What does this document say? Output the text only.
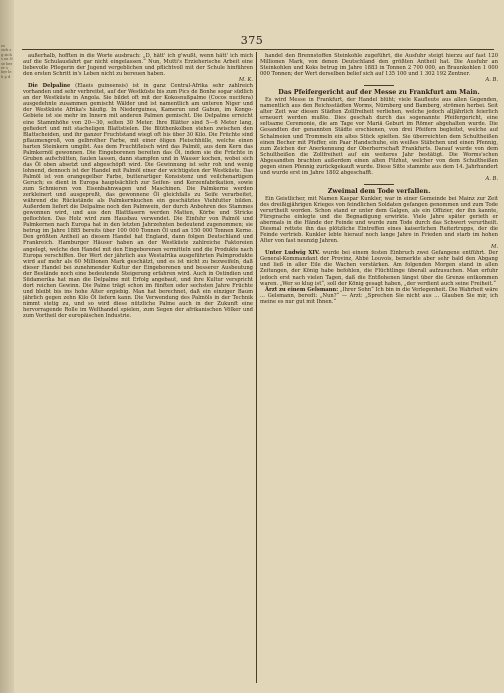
es sich s g sich s en N se ber er s ber le b p d
375

außerhalb, hofften in die Worte ausbrach: „D, hätt' ich g'wußt, wenn hätt' ich mich auf die Schulausfahrt gar nicht eingelassen.“ Nun, Mutti's Erzieherische Arbeit eine liebevolle Pflegerin der Jugend vergeblichen und pflichtvoll mit der Schule hinführen den ersten Schritt in's Leben nicht zu bereuen haben.
M. K.

Die Delpaline (Elaeis guineensis) ist in ganz Central-Afrika sehr zahlreich vorhanden und sehr verbreitet, auf der Westküste bis zum Pics de Bonhe sogar südlich an der Westküste in Angola. Sie bildet oft mit der Kokosnußpalme (Cocos nucifera) ausgedehnte zusammen gemischt Wälder und ist namentlich am unteren Niger und der Westküste Afrika's häufig. In Niederguinea, Kamerun und Gabun, im Kongo-Gebiete ist sie mehr im Innern mit anderen Palmen gemischt. Die Delpalme erreicht eine Stammhöhe von 20—30, selten 30 Meter. Ihre Blätter sind 5—6 Meter lang, gefiedert und mit stacheligen Blattstielen. Die Blüthenkolben stehen zwischen den Blattscheiden, und ihr ganzer Fruchtstand wiegt oft bis über 30 Kilo. Die Früchte sind pflaumengroß, von gelbrother Farbe, mit einer öligen Fleischhülle, welche einen harten Steinkern umgibt. Aus dem Fruchtfleisch wird das Palmöl, aus dem Kern das Palmkernöl gewonnen. Die Eingeborenen bereiten das Öl, indem sie die Früchte in Gruben aufschütten, faulen lassen, dann stampfen und in Wasser kochen, wobei sich das Öl oben absetzt und abgeschöpft wird. Die Gewinnung ist sehr roh und wenig lohnend, dennoch ist der Handel mit Palmöl einer der wichtigsten der Westküste. Das Palmöl ist von orangegelber Farbe, butterartiger Konsistenz und veilchenartigem Geruch; es dient in Europa hauptsächlich zur Seifen- und Kerzenfabrikation, sowie zum Schmieren von Eisenbahnwagen und Maschinen. Die Palmkerne werden zerkleinert und ausgepreßt, das gewonnene Öl gleichfalls zu Seife verarbeitet, während die Rückstände als Palmkernkuchen ein geschätztes Viehfutter bilden. Außerdem liefert die Delpalme noch den Palmwein, der durch Anbohren des Stammes gewonnen wird, und aus den Blattfasern werden Matten, Körbe und Stricke geflochten. Das Holz wird zum Hausbau verwendet. Die Einfuhr von Palmöl und Palmkernen nach Europa hat in den letzten Jahrzehnten bedeutend zugenommen; sie betrug im Jahre 1885 bereits über 100 000 Tonnen Öl und an 150 000 Tonnen Kerne. Den größten Antheil an diesem Handel hat England, dann folgen Deutschland und Frankreich. Hamburger Häuser haben an der Westküste zahlreiche Faktoreien angelegt, welche den Handel mit den Eingeborenen vermitteln und die Produkte nach Europa verschiffen. Der Wert der jährlich aus Westafrika ausgeführten Palmprodukte wird auf mehr als 60 Millionen Mark geschätzt, und es ist nicht zu bezweifeln, daß dieser Handel bei zunehmender Kultur der Eingeborenen und besserer Ausbeutung der Bestände noch eine bedeutende Steigerung erfahren wird. Auch in Ostindien und Südamerika hat man die Delpalme mit Erfolg angebaut, und ihre Kultur verspricht dort reichen Gewinn. Die Palme trägt schon im fünften oder sechsten Jahre Früchte und bleibt bis ins hohe Alter ergiebig. Man hat berechnet, daß ein einziger Baum jährlich gegen zehn Kilo Öl liefern kann. Die Verwendung des Palmöls in der Technik nimmt stetig zu, und so wird diese nützliche Palme auch in der Zukunft eine hervorragende Rolle im Welthandel spielen, zum Segen der afrikanischen Völker und zum Vortheil der europäischen Industrie.

handel den Brennstoffen Steinkohle zugeführt, die Ausfuhr steigt hierzu auf fast 120 Millionen Mark, von denen Deutschland den größten Antheil hat. Die Ausfuhr an Steinkohlen und Koks betrug im Jahre 1883 in Tonnen 2 700 000, an Braunkohlen 1 000 000 Tonnen; der Wert derselben belief sich auf 135 100 und 1 302 192 Zentner.
A. B.

Das Pfeifergericht auf der Messe zu Frankfurt am Main.

Es wird Messe in Frankfurt, der Handel blüht; viele Kaufleute aus allen Gegenden, namentlich aus den Reichsstädten Worms, Nürnberg und Bamberg, strömen herbei. Seit alter Zeit war diesen Städten Zollfreiheit verliehen, welche jedoch alljährlich feierlich erneuert werden mußte. Dies geschah durch das sogenannte Pfeifergericht, eine seltsame Ceremonie, die am Tage vor Mariä Geburt im Römer abgehalten wurde. Die Gesandten der genannten Städte erschienen, von drei Pfeifern begleitet, welche auf Schalmeien und Trommeln ein altes Stück spielten. Sie überreichten dem Schultheißen einen Becher mit Pfeffer, ein Paar Handschuhe, ein weißes Stäbchen und einen Pfennig, zum Zeichen der Anerkennung der Oberherrschaft Frankfurts. Darauf wurde von dem Schultheißen die Zollfreiheit auf ein weiteres Jahr bestätigt. Die Worms'schen Abgesandten brachten außerdem einen alten Filzhut, welcher von dem Schultheißen gegen einen Pfennig zurückgekauft wurde. Diese Sitte stammte aus dem 14. Jahrhundert und wurde erst im Jahre 1802 abgeschafft.
A. B.

Zweimal dem Tode verfallen.

Ein Geistlicher, mit Namen Kaspar Kunkler, war in einer Gemeinde bei Mainz zur Zeit des dreißigjährigen Krieges von feindlichen Soldaten gefangen genommen und zum Tode verurtheilt worden. Schon stand er unter dem Galgen, als ein Offizier, der ihn kannte, Fürsprache einlegte und die Begnadigung erwirkte. Viele Jahre später gerieth er abermals in die Hände der Feinde und wurde zum Tode durch das Schwert verurtheilt. Diesmal rettete ihn das plötzliche Eintreffen eines kaiserlichen Reitertrupps, der die Feinde vertrieb. Kunkler lebte hierauf noch lange Jahre in Frieden und starb im hohen Alter von fast neunzig Jahren.
M.

Unter Ludwig XIV. wurde bei einem festen Einbruch zwei Gefangene entführt. Der General-Kommandant der Provinz, Abbé Louvois, bemerkte aber sehr bald den Abgang und ließ in aller Eile die Wachen verstärken. Am folgenden Morgen stand in allen Zeitungen, der König habe befohlen, die Flüchtlinge überall aufzusuchen. Man erfuhr jedoch erst nach vielen Tagen, daß die Entflohenen längst über die Grenze entkommen waren. „Wer so klug ist“, soll der König gesagt haben, „der verdient auch seine Freiheit.“

Ärzt zu einem Gelsmann: „Ihrer Sohn“ Ich bin in die Verlegenheit. Die Wahrheit wäre ... Gelsmann, beredt: „Nun?“ — Arzt: „Sprechen Sie nicht aus ... Glauben Sie mir, ich meine es nur gut mit Ihnen.“
